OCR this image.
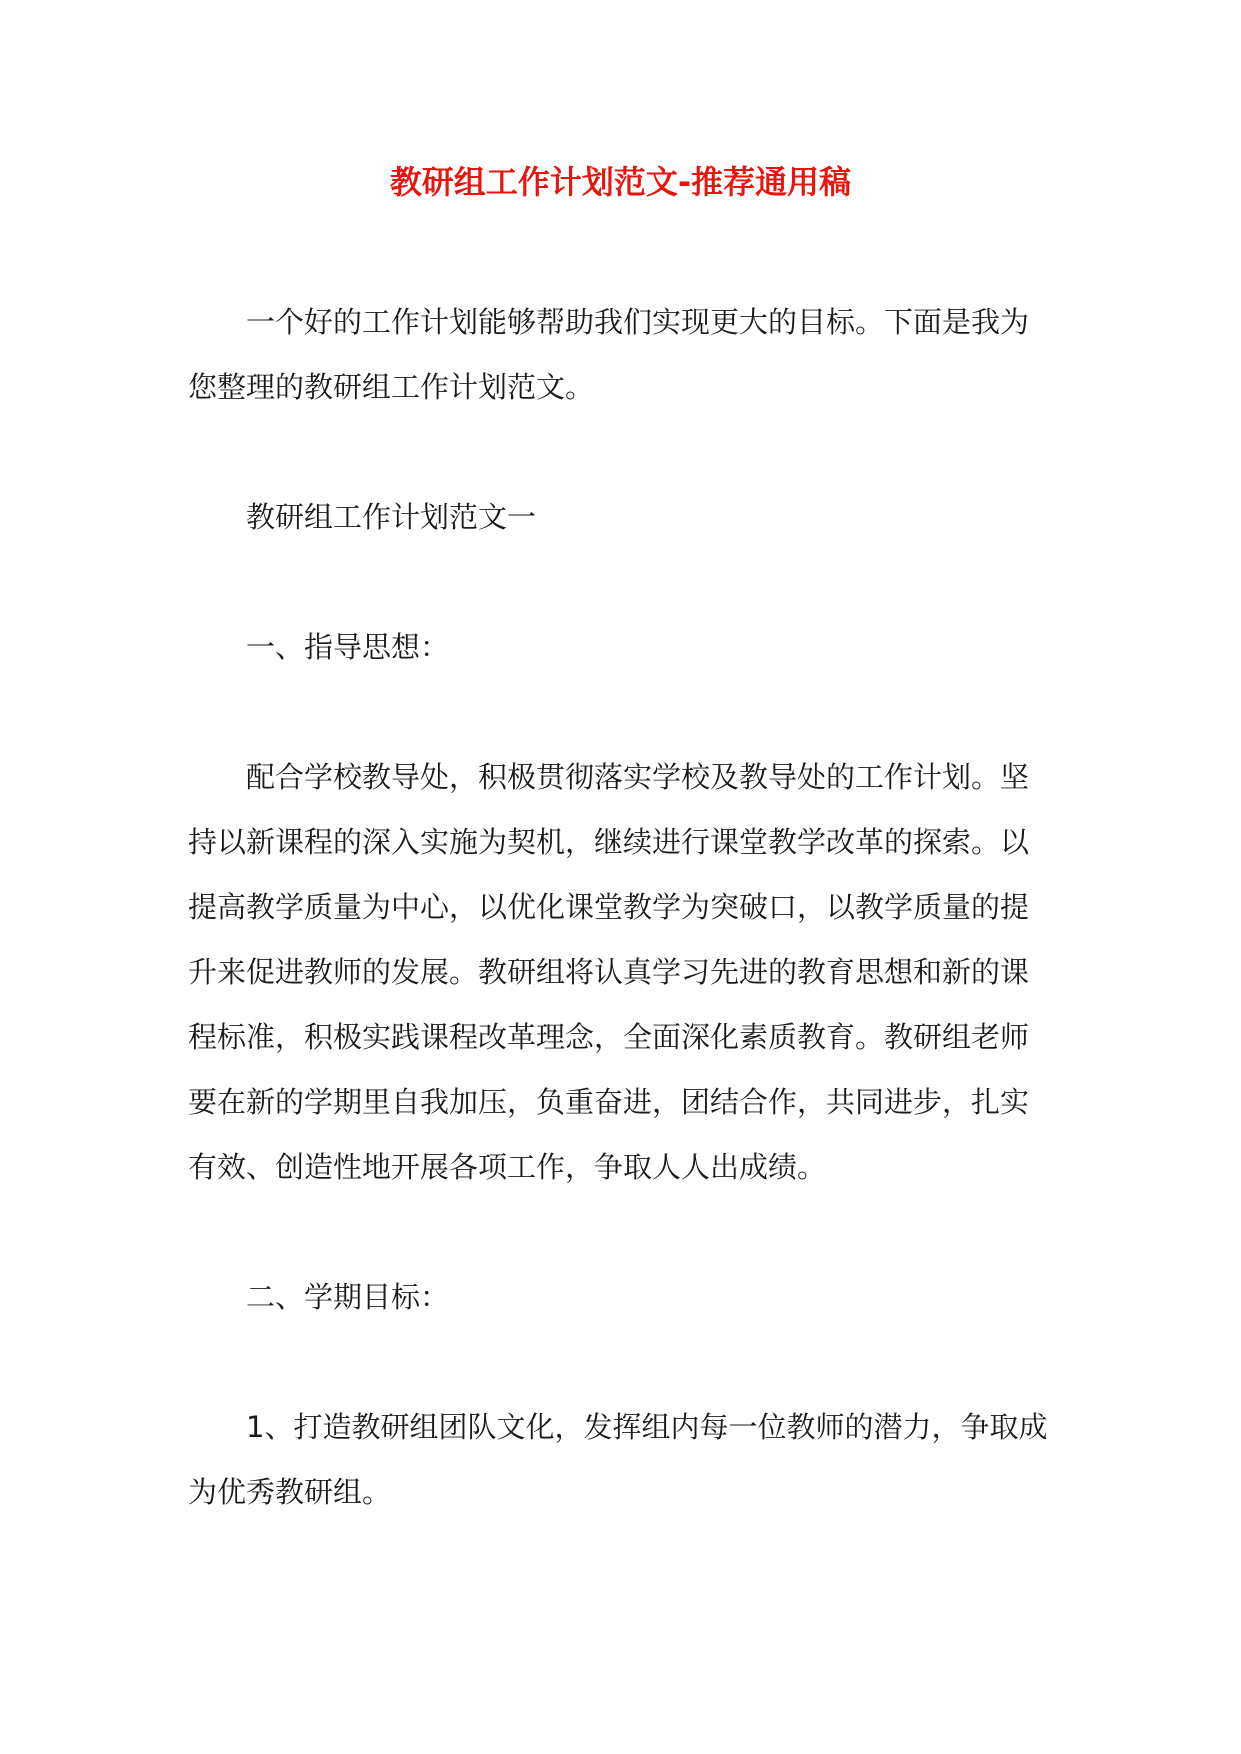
教研组工作计划范文-推荐通用稿

一个好的工作计划能够帮助我们实现更大的目标。下面是我为您整理的教研组工作计划范文。

教研组工作计划范文一

一、指导思想：

配合学校教导处，积极贯彻落实学校及教导处的工作计划。坚持以新课程的深入实施为契机，继续进行课堂教学改革的探索。以提高教学质量为中心，以优化课堂教学为突破口，以教学质量的提升来促进教师的发展。教研组将认真学习先进的教育思想和新的课程标准，积极实践课程改革理念，全面深化素质教育。教研组老师要在新的学期里自我加压，负重奋进，团结合作，共同进步，扎实有效、创造性地开展各项工作，争取人人出成绩。

二、学期目标：

1、打造教研组团队文化，发挥组内每一位教师的潜力，争取成为优秀教研组。
